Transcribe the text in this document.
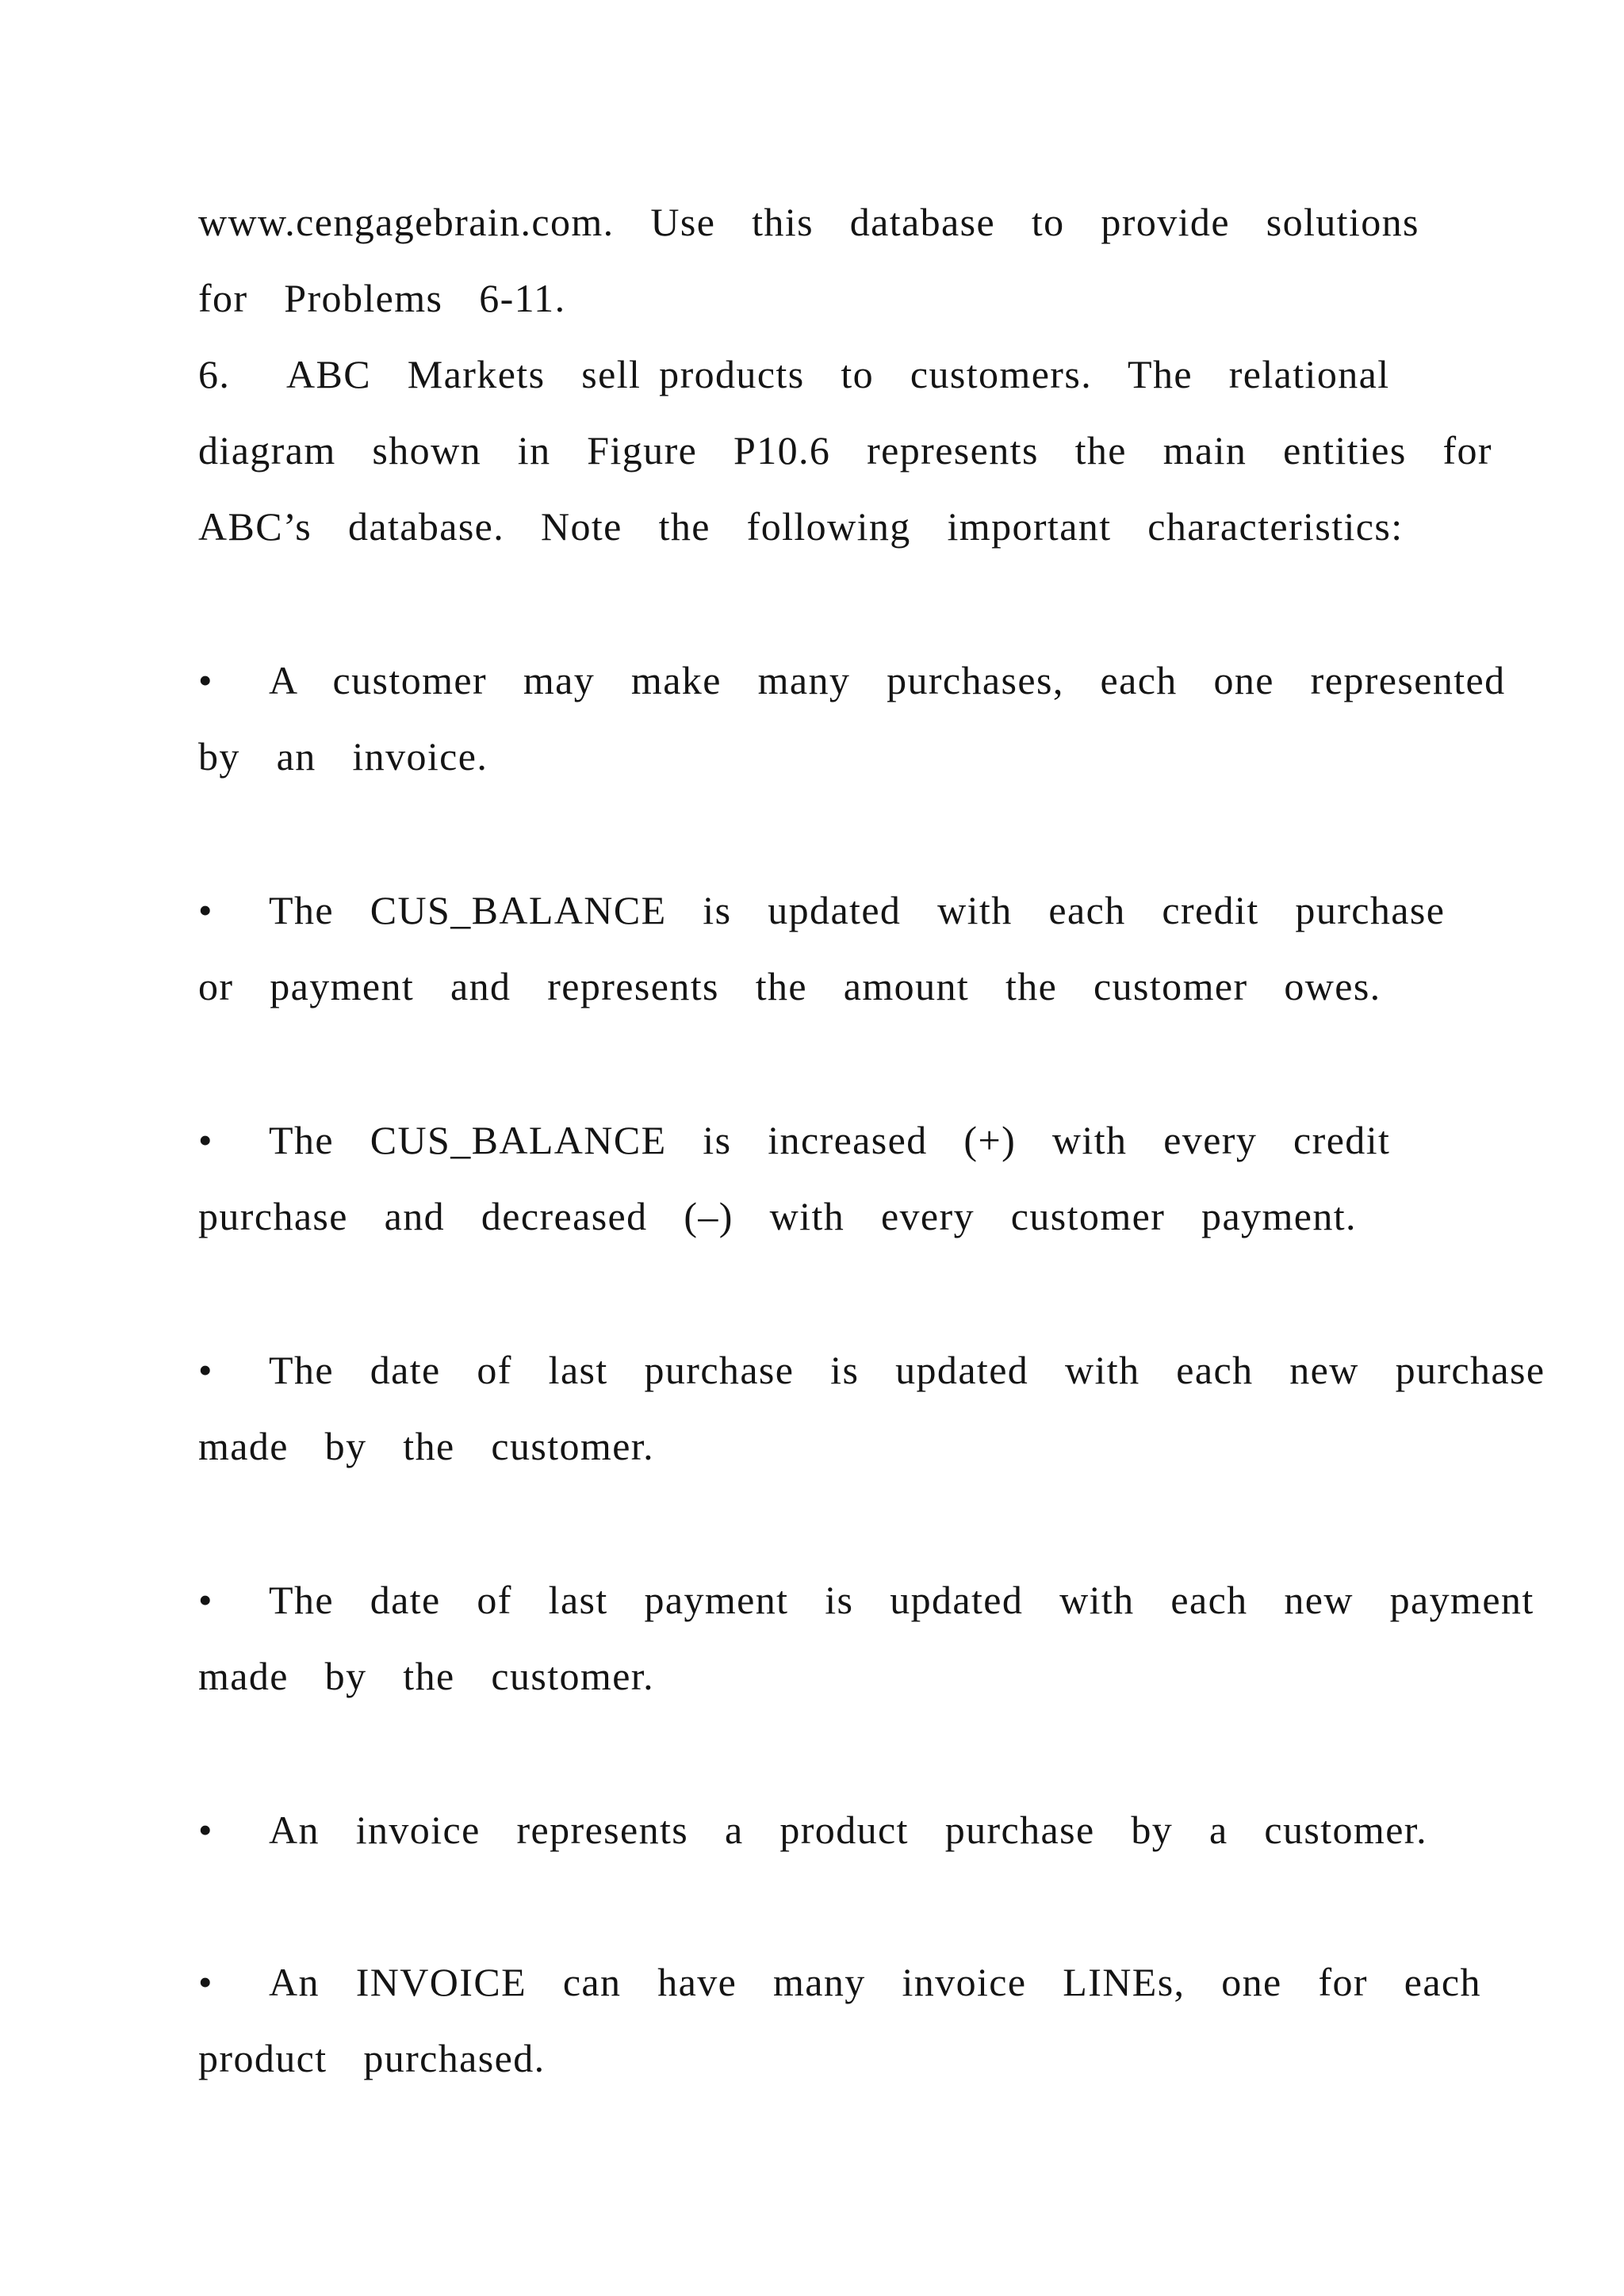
www.cengagebrain.com.  Use  this  database  to  provide  solutions
for  Problems  6-11.
6. ABC  Markets  sell products  to  customers.  The  relational
diagram  shown  in  Figure  P10.6  represents  the  main  entities  for
ABC’s  database.  Note  the  following  important  characteristics:
• A  customer  may  make  many  purchases,  each  one  represented
by  an  invoice.
• The  CUS_BALANCE  is  updated  with  each  credit  purchase
or  payment  and  represents  the  amount  the  customer  owes.
• The  CUS_BALANCE  is  increased  (+)  with  every  credit
purchase  and  decreased  (–)  with  every  customer  payment.
• The  date  of  last  purchase  is  updated  with  each  new  purchase
made  by  the  customer.
• The  date  of  last  payment  is  updated  with  each  new  payment
made  by  the  customer.
• An  invoice  represents  a  product  purchase  by  a  customer.
• An  INVOICE  can  have  many  invoice  LINEs,  one  for  each
product  purchased.
